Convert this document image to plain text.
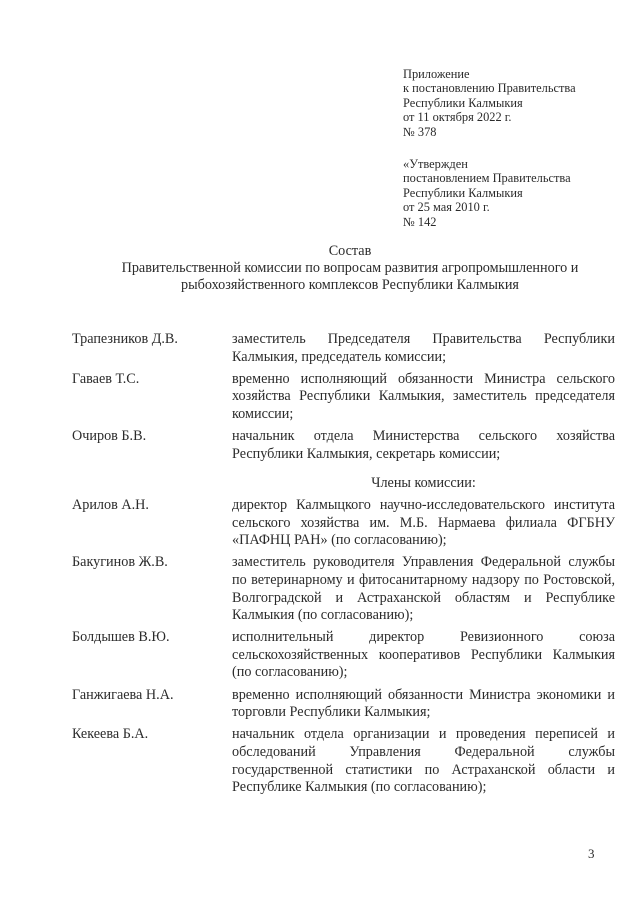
Приложение
к постановлению Правительства
Республики Калмыкия
от 11 октября 2022 г.
№ 378
«Утвержден
постановлением Правительства
Республики Калмыкия
от 25 мая 2010 г.
№ 142
Состав
Правительственной комиссии по вопросам развития агропромышленного и
рыбохозяйственного комплексов Республики Калмыкия
Трапезников Д.В.	заместитель Председателя Правительства Республики Калмыкия, председатель комиссии;
Гаваев Т.С.	временно исполняющий обязанности Министра сельского хозяйства Республики Калмыкия, заместитель председателя комиссии;
Очиров Б.В.	начальник отдела Министерства сельского хозяйства Республики Калмыкия, секретарь комиссии;
Члены комиссии:
Арилов А.Н.	директор Калмыцкого научно-исследовательского института сельского хозяйства им. М.Б. Нармаева филиала ФГБНУ «ПАФНЦ РАН» (по согласованию);
Бакугинов Ж.В.	заместитель руководителя Управления Федеральной службы по ветеринарному и фитосанитарному надзору по Ростовской, Волгоградской и Астраханской областям и Республике Калмыкия (по согласованию);
Болдышев В.Ю.	исполнительный директор Ревизионного союза сельскохозяйственных кооперативов Республики Калмыкия (по согласованию);
Ганжигаева Н.А.	временно исполняющий обязанности Министра экономики и торговли Республики Калмыкия;
Кекеева Б.А.	начальник отдела организации и проведения переписей и обследований Управления Федеральной службы государственной статистики по Астраханской области и Республике Калмыкия (по согласованию);
3
